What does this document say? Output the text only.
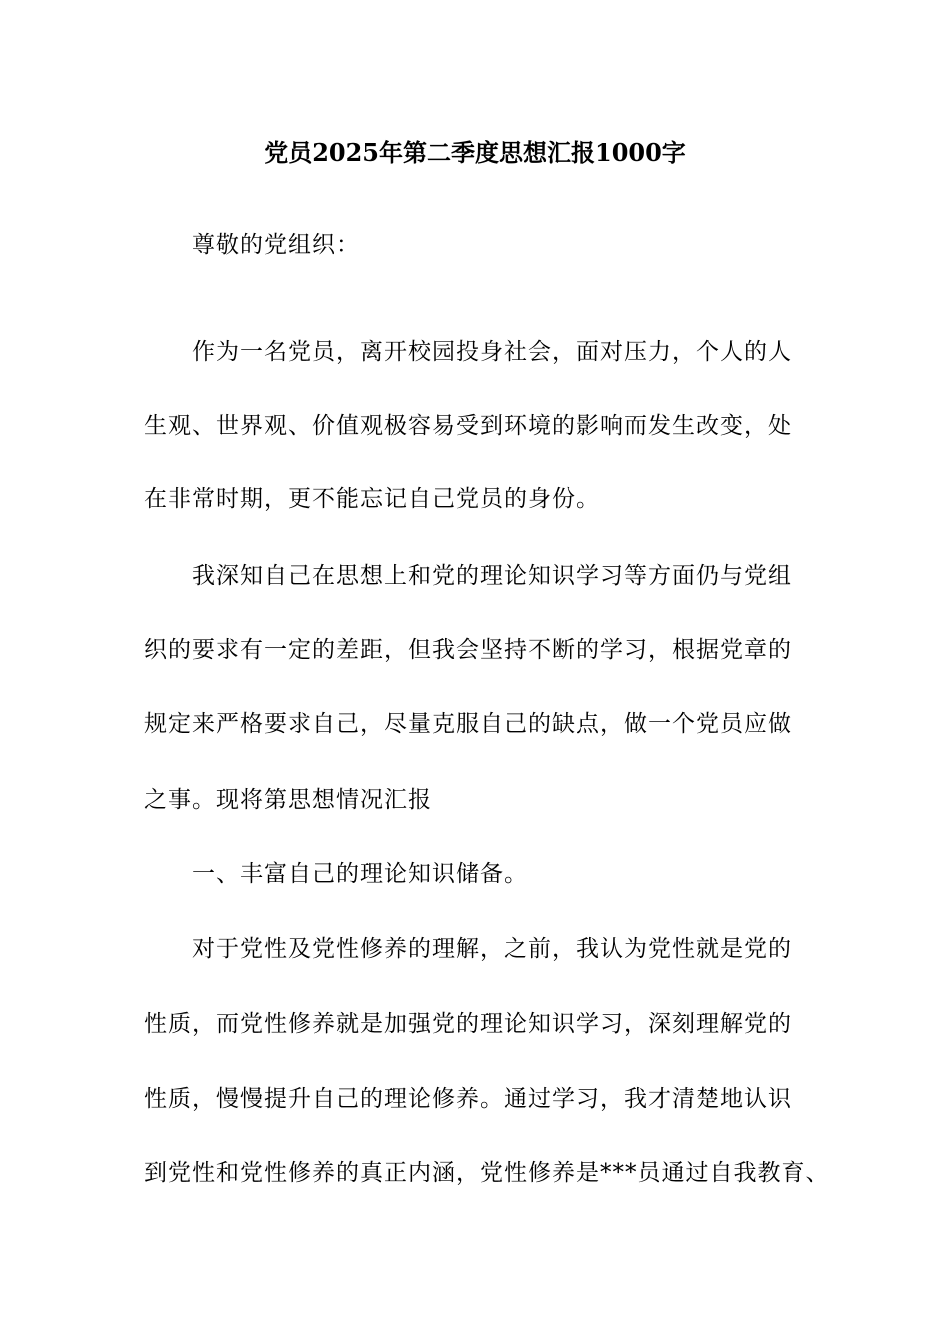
党员2025年第二季度思想汇报1000字
尊敬的党组织：
作为一名党员，离开校园投身社会，面对压力，个人的人
生观、世界观、价值观极容易受到环境的影响而发生改变，处
在非常时期，更不能忘记自己党员的身份。
我深知自己在思想上和党的理论知识学习等方面仍与党组
织的要求有一定的差距，但我会坚持不断的学习，根据党章的
规定来严格要求自己，尽量克服自己的缺点，做一个党员应做
之事。现将第思想情况汇报
一、丰富自己的理论知识储备。
对于党性及党性修养的理解，之前，我认为党性就是党的
性质，而党性修养就是加强党的理论知识学习，深刻理解党的
性质，慢慢提升自己的理论修养。通过学习，我才清楚地认识
到党性和党性修养的真正内涵，党性修养是***员通过自我教育、
